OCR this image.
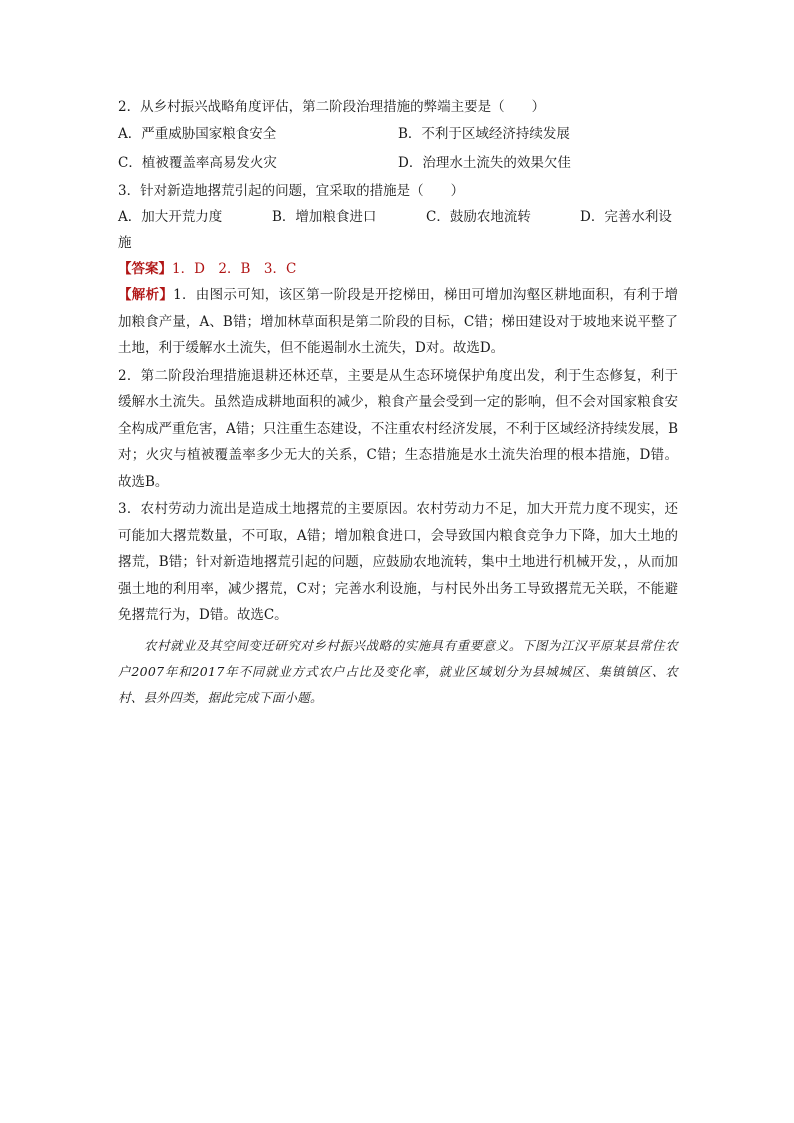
2．从乡村振兴战略角度评估，第二阶段治理措施的弊端主要是（　　）
A．严重威胁国家粮食安全	B．不利于区域经济持续发展
C．植被覆盖率高易发火灾	D．治理水土流失的效果欠佳
3．针对新造地撂荒引起的问题，宜采取的措施是（　　）
A．加大开荒力度	B．增加粮食进口	C．鼓励农地流转	D．完善水利设
施
【答案】1．D　2．B　3．C
【解析】1．由图示可知，该区第一阶段是开挖梯田，梯田可增加沟壑区耕地面积，有利于增加粮食产量，A、B错；增加林草面积是第二阶段的目标，C错；梯田建设对于坡地来说平整了土地，利于缓解水土流失，但不能遏制水土流失，D对。故选D。
2．第二阶段治理措施退耕还林还草，主要是从生态环境保护角度出发，利于生态修复，利于缓解水土流失。虽然造成耕地面积的减少，粮食产量会受到一定的影响，但不会对国家粮食安全构成严重危害，A错；只注重生态建设，不注重农村经济发展，不利于区域经济持续发展，B对；火灾与植被覆盖率多少无大的关系，C错；生态措施是水土流失治理的根本措施，D错。故选B。
3．农村劳动力流出是造成土地撂荒的主要原因。农村劳动力不足，加大开荒力度不现实，还可能加大撂荒数量，不可取，A错；增加粮食进口，会导致国内粮食竞争力下降，加大土地的撂荒，B错；针对新造地撂荒引起的问题，应鼓励农地流转，集中土地进行机械开发，，从而加强土地的利用率，减少撂荒，C对；完善水利设施，与村民外出务工导致撂荒无关联，不能避免撂荒行为，D错。故选C。
农村就业及其空间变迁研究对乡村振兴战略的实施具有重要意义。下图为江汉平原某县常住农户2007年和2017年不同就业方式农户占比及变化率，就业区域划分为县城城区、集镇镇区、农村、县外四类，据此完成下面小题。
